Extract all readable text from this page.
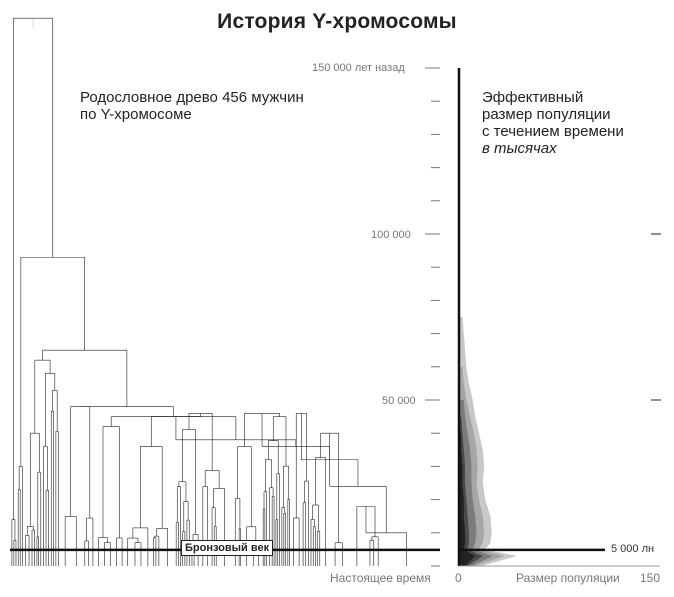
История Y-хромосомы
Родословное древо 456 мужчин
по Y-хромосоме
Эффективный
размер популяции
с течением времени
в тысячах
150 000 лет назад
100 000
50 000
Бронзовый век	5 000 лн
Настоящее время 0	Размер популяции 150
